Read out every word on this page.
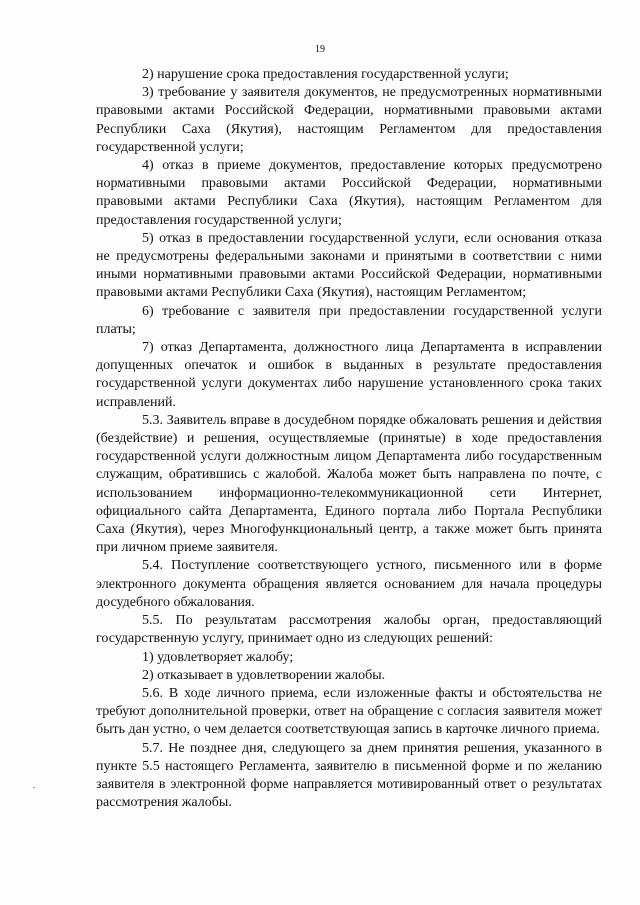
19

2) нарушение срока предоставления государственной услуги;

3) требование у заявителя документов, не предусмотренных нормативными правовыми актами Российской Федерации, нормативными правовыми актами Республики Саха (Якутия), настоящим Регламентом для предоставления государственной услуги;

4) отказ в приеме документов, предоставление которых предусмотрено нормативными правовыми актами Российской Федерации, нормативными правовыми актами Республики Саха (Якутия), настоящим Регламентом для предоставления государственной услуги;

5) отказ в предоставлении государственной услуги, если основания отказа не предусмотрены федеральными законами и принятыми в соответствии с ними иными нормативными правовыми актами Российской Федерации, нормативными правовыми актами Республики Саха (Якутия), настоящим Регламентом;

6) требование с заявителя при предоставлении государственной услуги платы;

7) отказ Департамента, должностного лица Департамента в исправлении допущенных опечаток и ошибок в выданных в результате предоставления государственной услуги документах либо нарушение установленного срока таких исправлений.

5.3. Заявитель вправе в досудебном порядке обжаловать решения и действия (бездействие) и решения, осуществляемые (принятые) в ходе предоставления государственной услуги должностным лицом Департамента либо государственным служащим, обратившись с жалобой. Жалоба может быть направлена по почте, с использованием информационно-телекоммуникационной сети Интернет, официального сайта Департамента, Единого портала либо Портала Республики Саха (Якутия), через Многофункциональный центр, а также может быть принята при личном приеме заявителя.

5.4. Поступление соответствующего устного, письменного или в форме электронного документа обращения является основанием для начала процедуры досудебного обжалования.

5.5. По результатам рассмотрения жалобы орган, предоставляющий государственную услугу, принимает одно из следующих решений:

1) удовлетворяет жалобу;

2) отказывает в удовлетворении жалобы.

5.6. В ходе личного приема, если изложенные факты и обстоятельства не требуют дополнительной проверки, ответ на обращение с согласия заявителя может быть дан устно, о чем делается соответствующая запись в карточке личного приема.

5.7. Не позднее дня, следующего за днем принятия решения, указанного в пункте 5.5 настоящего Регламента, заявителю в письменной форме и по желанию заявителя в электронной форме направляется мотивированный ответ о результатах рассмотрения жалобы.
